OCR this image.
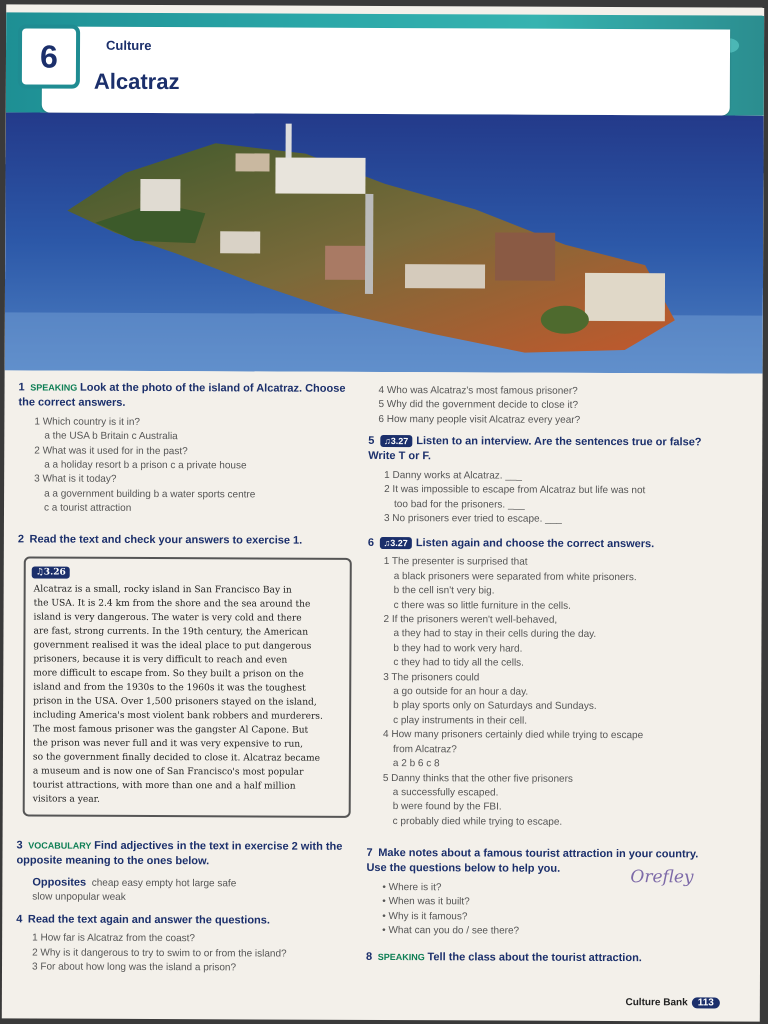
6	Culture
Alcatraz
1 SPEAKING Look at the photo of the island of Alcatraz. Choose the correct answers.
1 Which country is it in?
a the USA b Britain c Australia
2 What was it used for in the past?
a a holiday resort b a prison c a private house
3 What is it today?
a a government building b a water sports centre
c a tourist attraction
2 Read the text and check your answers to exercise 1.
♫3.26
Alcatraz is a small, rocky island in San Francisco Bay in
the USA. It is 2.4 km from the shore and the sea around the
island is very dangerous. The water is very cold and there
are fast, strong currents. In the 19th century, the American
government realised it was the ideal place to put dangerous
prisoners, because it is very difficult to reach and even
more difficult to escape from. So they built a prison on the
island and from the 1930s to the 1960s it was the toughest
prison in the USA. Over 1,500 prisoners stayed on the island,
including America's most violent bank robbers and murderers.
The most famous prisoner was the gangster Al Capone. But
the prison was never full and it was very expensive to run,
so the government finally decided to close it. Alcatraz became
a museum and is now one of San Francisco's most popular
tourist attractions, with more than one and a half million
visitors a year.
3 VOCABULARY Find adjectives in the text in exercise 2 with the opposite meaning to the ones below.
Opposites cheap easy empty hot large safe
slow unpopular weak
4 Read the text again and answer the questions.
1 How far is Alcatraz from the coast?
2 Why is it dangerous to try to swim to or from the island?
3 For about how long was the island a prison?
4 Who was Alcatraz's most famous prisoner?
5 Why did the government decide to close it?
6 How many people visit Alcatraz every year?
5 ♫3.27 Listen to an interview. Are the sentences true or false? Write T or F.
1 Danny works at Alcatraz. ___
2 It was impossible to escape from Alcatraz but life was not
too bad for the prisoners. ___
3 No prisoners ever tried to escape. ___
6 ♫3.27 Listen again and choose the correct answers.
1 The presenter is surprised that
a black prisoners were separated from white prisoners.
b the cell isn't very big.
c there was so little furniture in the cells.
2 If the prisoners weren't well-behaved,
a they had to stay in their cells during the day.
b they had to work very hard.
c they had to tidy all the cells.
3 The prisoners could
a go outside for an hour a day.
b play sports only on Saturdays and Sundays.
c play instruments in their cell.
4 How many prisoners certainly died while trying to escape
from Alcatraz?
a 2 b 6 c 8
5 Danny thinks that the other five prisoners
a successfully escaped.
b were found by the FBI.
c probably died while trying to escape.
7 Make notes about a famous tourist attraction in your country. Use the questions below to help you.
• Where is it?
• When was it built?
• Why is it famous?
• What can you do / see there?
Orefley
8 SPEAKING Tell the class about the tourist attraction.
Culture Bank 113
